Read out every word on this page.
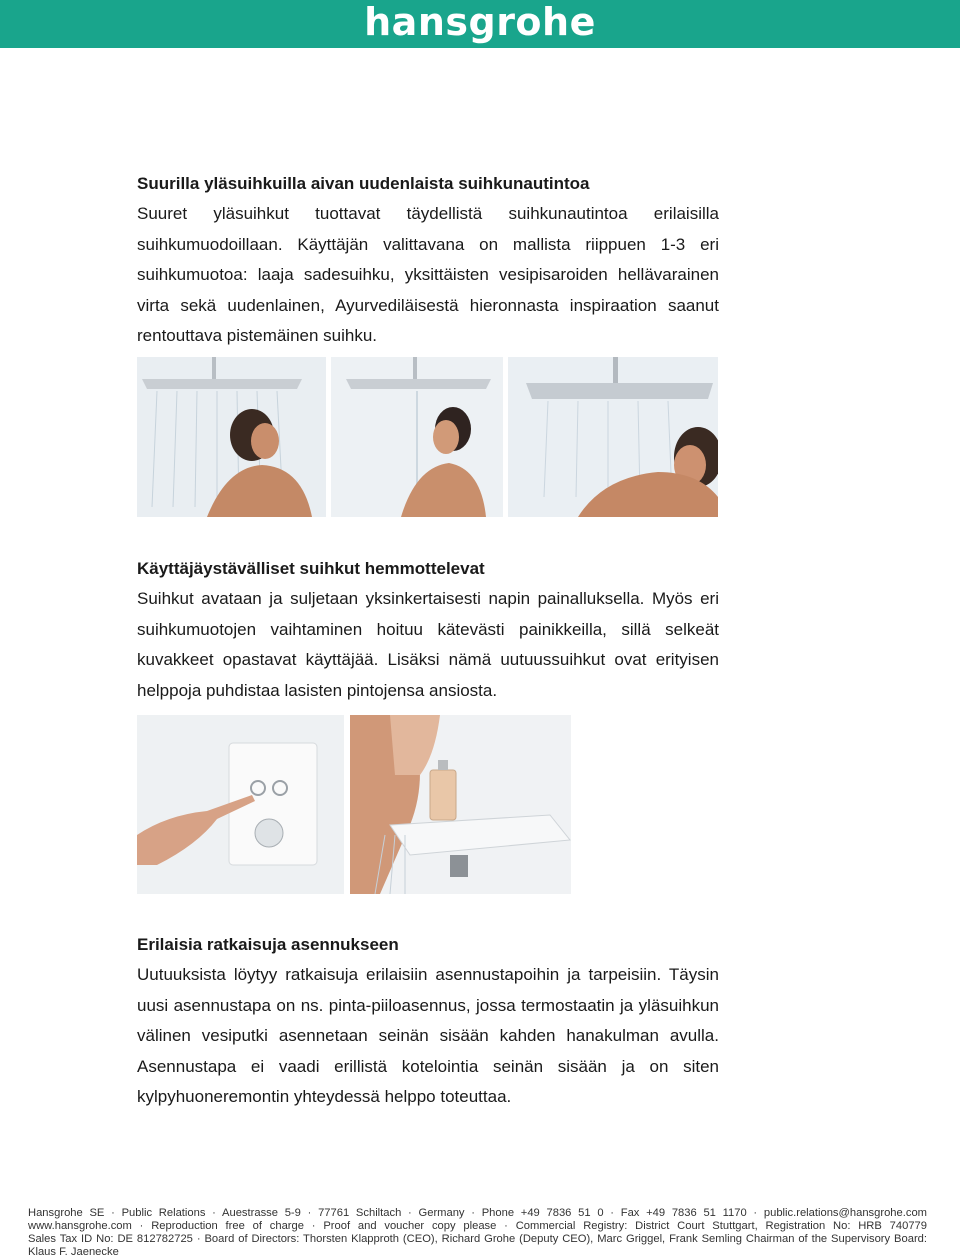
hansgrohe

Suurilla yläsuihkuilla aivan uudenlaista suihkunautintoa

Suuret yläsuihkut tuottavat täydellistä suihkunautintoa erilaisilla suihkumuodoillaan. Käyttäjän valittavana on mallista riippuen 1-3 eri suihkumuotoa: laaja sadesuihku, yksittäisten vesipisaroiden hellävarainen virta sekä uudenlainen, Ayurvediläisestä hieronnasta inspiraation saanut rentouttava pistemäinen suihku.

Käyttäjäystävälliset suihkut hemmottelevat

Suihkut avataan ja suljetaan yksinkertaisesti napin painalluksella. Myös eri suihkumuotojen vaihtaminen hoituu kätevästi painikkeilla, sillä selkeät kuvakkeet opastavat käyttäjää. Lisäksi nämä uutuussuihkut ovat erityisen helppoja puhdistaa lasisten pintojensa ansiosta.

Erilaisia ratkaisuja asennukseen

Uutuuksista löytyy ratkaisuja erilaisiin asennustapoihin ja tarpeisiin. Täysin uusi asennustapa on ns. pinta-piiloasennus, jossa termostaatin ja yläsuihkun välinen vesiputki asennetaan seinän sisään kahden hanakulman avulla. Asennustapa ei vaadi erillistä kotelointia seinän sisään ja on siten kylpyhuoneremontin yhteydessä helppo toteuttaa.

Hansgrohe SE · Public Relations · Auestrasse 5-9 · 77761 Schiltach · Germany · Phone +49 7836 51 0 · Fax +49 7836 51 1170 · public.relations@hansgrohe.com
www.hansgrohe.com · Reproduction free of charge · Proof and voucher copy please · Commercial Registry: District Court Stuttgart, Registration No: HRB 740779
Sales Tax ID No: DE 812782725 · Board of Directors: Thorsten Klapproth (CEO), Richard Grohe (Deputy CEO), Marc Griggel, Frank Semling Chairman of the Supervisory Board:
Klaus F. Jaenecke
